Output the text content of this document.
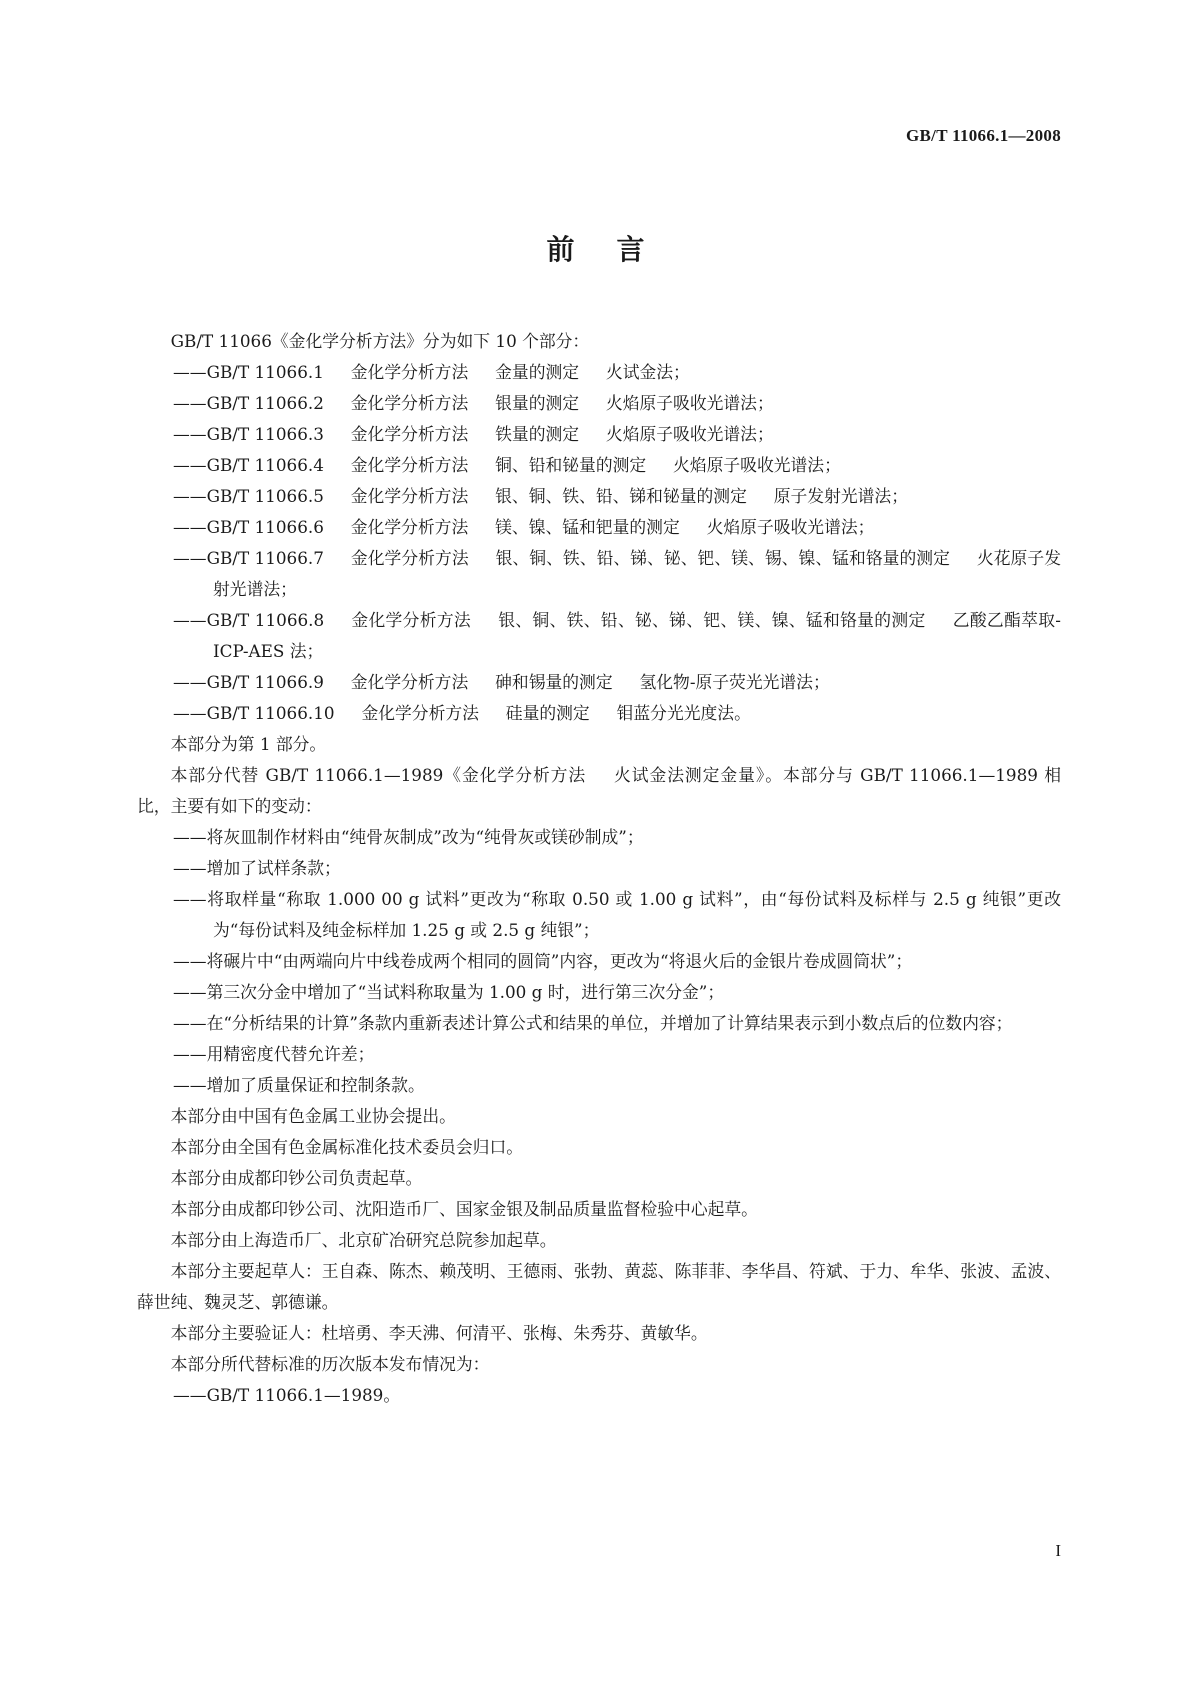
GB/T 11066.1—2008
前言

GB/T 11066《金化学分析方法》分为如下 10 个部分：

——GB/T 11066.1 金化学分析方法 金量的测定 火试金法；

——GB/T 11066.2 金化学分析方法 银量的测定 火焰原子吸收光谱法；

——GB/T 11066.3 金化学分析方法 铁量的测定 火焰原子吸收光谱法；

——GB/T 11066.4 金化学分析方法 铜、铅和铋量的测定 火焰原子吸收光谱法；

——GB/T 11066.5 金化学分析方法 银、铜、铁、铅、锑和铋量的测定 原子发射光谱法；

——GB/T 11066.6 金化学分析方法 镁、镍、锰和钯量的测定 火焰原子吸收光谱法；

——GB/T 11066.7 金化学分析方法 银、铜、铁、铅、锑、铋、钯、镁、锡、镍、锰和铬量的测定 火花原子发射光谱法；

——GB/T 11066.8 金化学分析方法 银、铜、铁、铅、铋、锑、钯、镁、镍、锰和铬量的测定 乙酸乙酯萃取-ICP-AES 法；

——GB/T 11066.9 金化学分析方法 砷和锡量的测定 氢化物-原子荧光光谱法；

——GB/T 11066.10 金化学分析方法 硅量的测定 钼蓝分光光度法。

本部分为第 1 部分。

本部分代替 GB/T 11066.1—1989《金化学分析方法 火试金法测定金量》。本部分与 GB/T 11066.1—1989 相比，主要有如下的变动：

——将灰皿制作材料由“纯骨灰制成”改为“纯骨灰或镁砂制成”；

——增加了试样条款；

——将取样量“称取 1.000 00 g 试料”更改为“称取 0.50 或 1.00 g 试料”，由“每份试料及标样与 2.5 g 纯银”更改为“每份试料及纯金标样加 1.25 g 或 2.5 g 纯银”；

——将碾片中“由两端向片中线卷成两个相同的圆筒”内容，更改为“将退火后的金银片卷成圆筒状”；

——第三次分金中增加了“当试料称取量为 1.00 g 时，进行第三次分金”；

——在“分析结果的计算”条款内重新表述计算公式和结果的单位，并增加了计算结果表示到小数点后的位数内容；

——用精密度代替允许差；

——增加了质量保证和控制条款。

本部分由中国有色金属工业协会提出。

本部分由全国有色金属标准化技术委员会归口。

本部分由成都印钞公司负责起草。

本部分由成都印钞公司、沈阳造币厂、国家金银及制品质量监督检验中心起草。

本部分由上海造币厂、北京矿冶研究总院参加起草。

本部分主要起草人：王自森、陈杰、赖茂明、王德雨、张勃、黄蕊、陈菲菲、李华昌、符斌、于力、牟华、张波、孟波、薛世纯、魏灵芝、郭德谦。

本部分主要验证人：杜培勇、李天沸、何清平、张梅、朱秀芬、黄敏华。

本部分所代替标准的历次版本发布情况为：

——GB/T 11066.1—1989。

I
